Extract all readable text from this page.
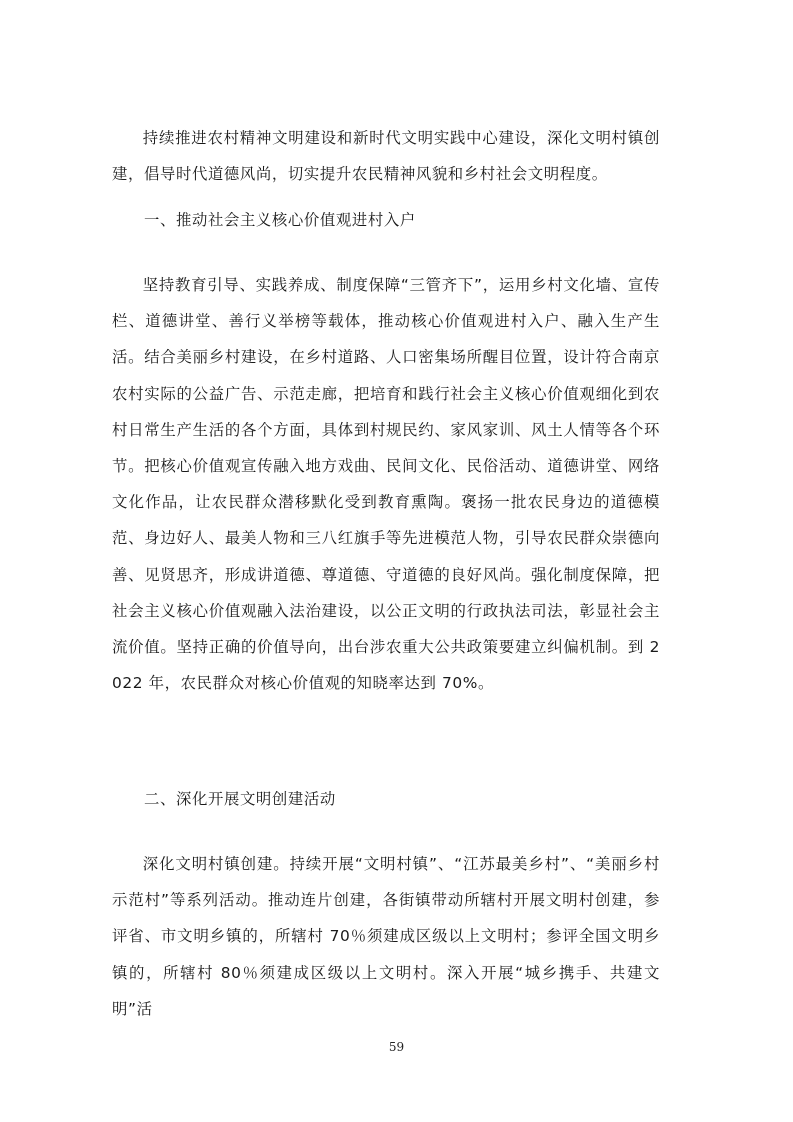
持续推进农村精神文明建设和新时代文明实践中心建设，深化文明村镇创建，倡导时代道德风尚，切实提升农民精神风貌和乡村社会文明程度。

一、推动社会主义核心价值观进村入户

坚持教育引导、实践养成、制度保障“三管齐下”，运用乡村文化墙、宣传栏、道德讲堂、善行义举榜等载体，推动核心价值观进村入户、融入生产生活。结合美丽乡村建设，在乡村道路、人口密集场所醒目位置，设计符合南京农村实际的公益广告、示范走廊，把培育和践行社会主义核心价值观细化到农村日常生产生活的各个方面，具体到村规民约、家风家训、风土人情等各个环节。把核心价值观宣传融入地方戏曲、民间文化、民俗活动、道德讲堂、网络文化作品，让农民群众潜移默化受到教育熏陶。褒扬一批农民身边的道德模范、身边好人、最美人物和三八红旗手等先进模范人物，引导农民群众崇德向善、见贤思齐，形成讲道德、尊道德、守道德的良好风尚。强化制度保障，把社会主义核心价值观融入法治建设，以公正文明的行政执法司法，彰显社会主流价值。坚持正确的价值导向，出台涉农重大公共政策要建立纠偏机制。到 2022 年，农民群众对核心价值观的知晓率达到 70%。

二、深化开展文明创建活动

深化文明村镇创建。持续开展“文明村镇”、“江苏最美乡村”、“美丽乡村示范村”等系列活动。推动连片创建，各街镇带动所辖村开展文明村创建，参评省、市文明乡镇的，所辖村 70％须建成区级以上文明村；参评全国文明乡镇的，所辖村 80％须建成区级以上文明村。深入开展“城乡携手、共建文明”活

59
